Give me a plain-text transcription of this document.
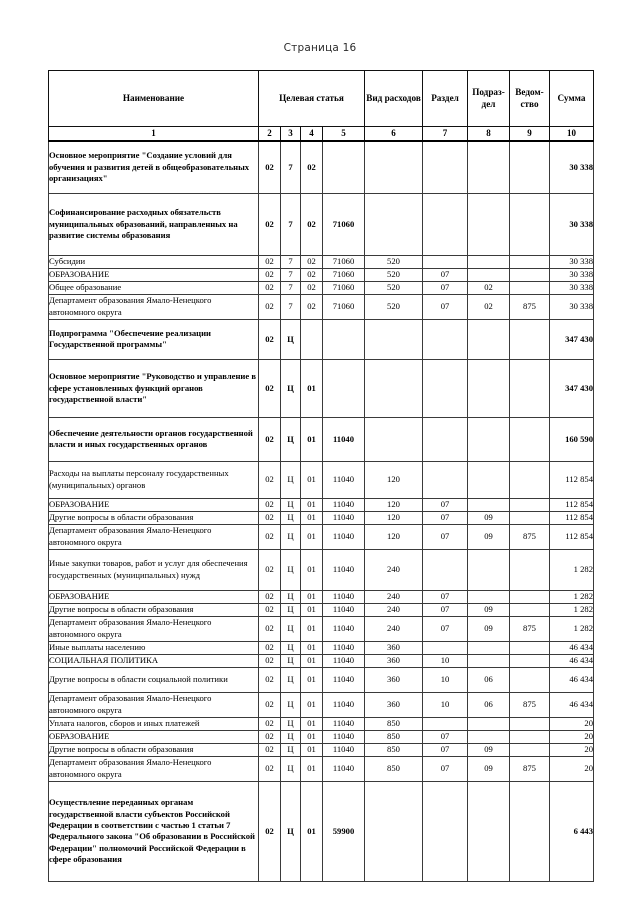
Страница 16
Наименование	Целевая статья				Вид расходов	Раздел	Подраз-дел	Ведом-ство	Сумма
1	2	3	4	5	6	7	8	9	10
Основное мероприятие "Создание условий для обучения и развития детей в общеобразовательных организациях"	02	7	02						30 338
Софинансирование расходных обязательств муниципальных образований, направленных на развитие системы образования	02	7	02	71060					30 338
Субсидии	02	7	02	71060	520				30 338
ОБРАЗОВАНИЕ	02	7	02	71060	520	07			30 338
Общее образование	02	7	02	71060	520	07	02		30 338
Департамент образования Ямало-Ненецкого автономного округа	02	7	02	71060	520	07	02	875	30 338
Подпрограмма "Обеспечение реализации Государственной программы"	02	Ц							347 430
Основное мероприятие "Руководство и управление в сфере установленных функций органов государственной власти"	02	Ц	01						347 430
Обеспечение деятельности органов государственной власти и иных государственных органов	02	Ц	01	11040					160 590
Расходы на выплаты персоналу государственных (муниципальных) органов	02	Ц	01	11040	120				112 854
ОБРАЗОВАНИЕ	02	Ц	01	11040	120	07			112 854
Другие вопросы в области образования	02	Ц	01	11040	120	07	09		112 854
Департамент образования Ямало-Ненецкого автономного округа	02	Ц	01	11040	120	07	09	875	112 854
Иные закупки товаров, работ и услуг для обеспечения государственных (муниципальных) нужд	02	Ц	01	11040	240				1 282
ОБРАЗОВАНИЕ	02	Ц	01	11040	240	07			1 282
Другие вопросы в области образования	02	Ц	01	11040	240	07	09		1 282
Департамент образования Ямало-Ненецкого автономного округа	02	Ц	01	11040	240	07	09	875	1 282
Иные выплаты населению	02	Ц	01	11040	360				46 434
СОЦИАЛЬНАЯ ПОЛИТИКА	02	Ц	01	11040	360	10			46 434
Другие вопросы в области социальной политики	02	Ц	01	11040	360	10	06		46 434
Департамент образования Ямало-Ненецкого автономного округа	02	Ц	01	11040	360	10	06	875	46 434
Уплата налогов, сборов и иных платежей	02	Ц	01	11040	850				20
ОБРАЗОВАНИЕ	02	Ц	01	11040	850	07			20
Другие вопросы в области образования	02	Ц	01	11040	850	07	09		20
Департамент образования Ямало-Ненецкого автономного округа	02	Ц	01	11040	850	07	09	875	20
Осуществление переданных органам государственной власти субъектов Российской Федерации в соответствии с частью 1 статьи 7 Федерального закона "Об образовании в Российской Федерации" полномочий Российской Федерации в сфере образования	02	Ц	01	59900					6 443
